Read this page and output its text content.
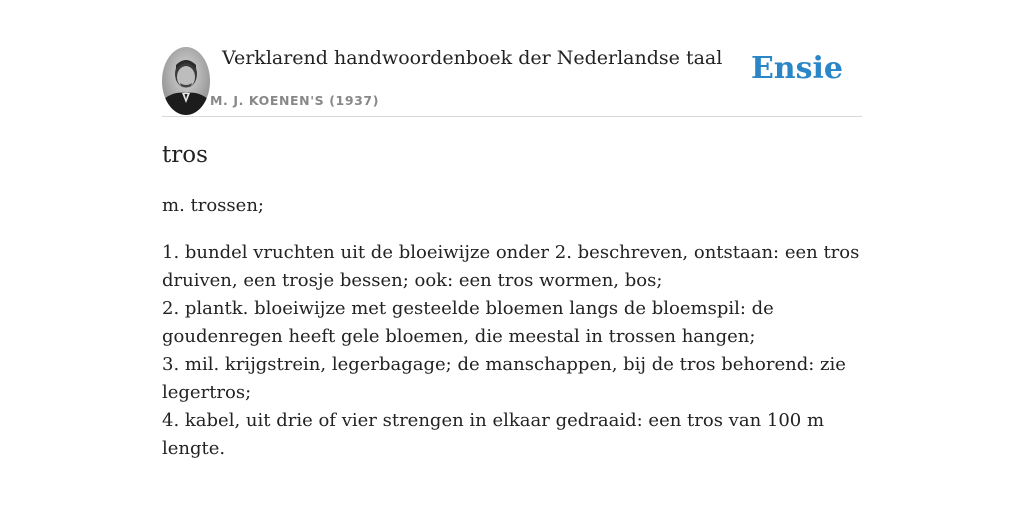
Verklarend handwoordenboek der Nederlandse taal
M. J. KOENEN'S (1937)
Ensie
tros
m. trossen;
1. bundel vruchten uit de bloeiwijze onder 2. beschreven, ontstaan: een tros druiven, een trosje bessen; ook: een tros wormen, bos;
2. plantk. bloeiwijze met gesteelde bloemen langs de bloemspil: de goudenregen heeft gele bloemen, die meestal in trossen hangen;
3. mil. krijgstrein, legerbagage; de manschappen, bij de tros behorend: zie legertros;
4. kabel, uit drie of vier strengen in elkaar gedraaid: een tros van 100 m lengte.
